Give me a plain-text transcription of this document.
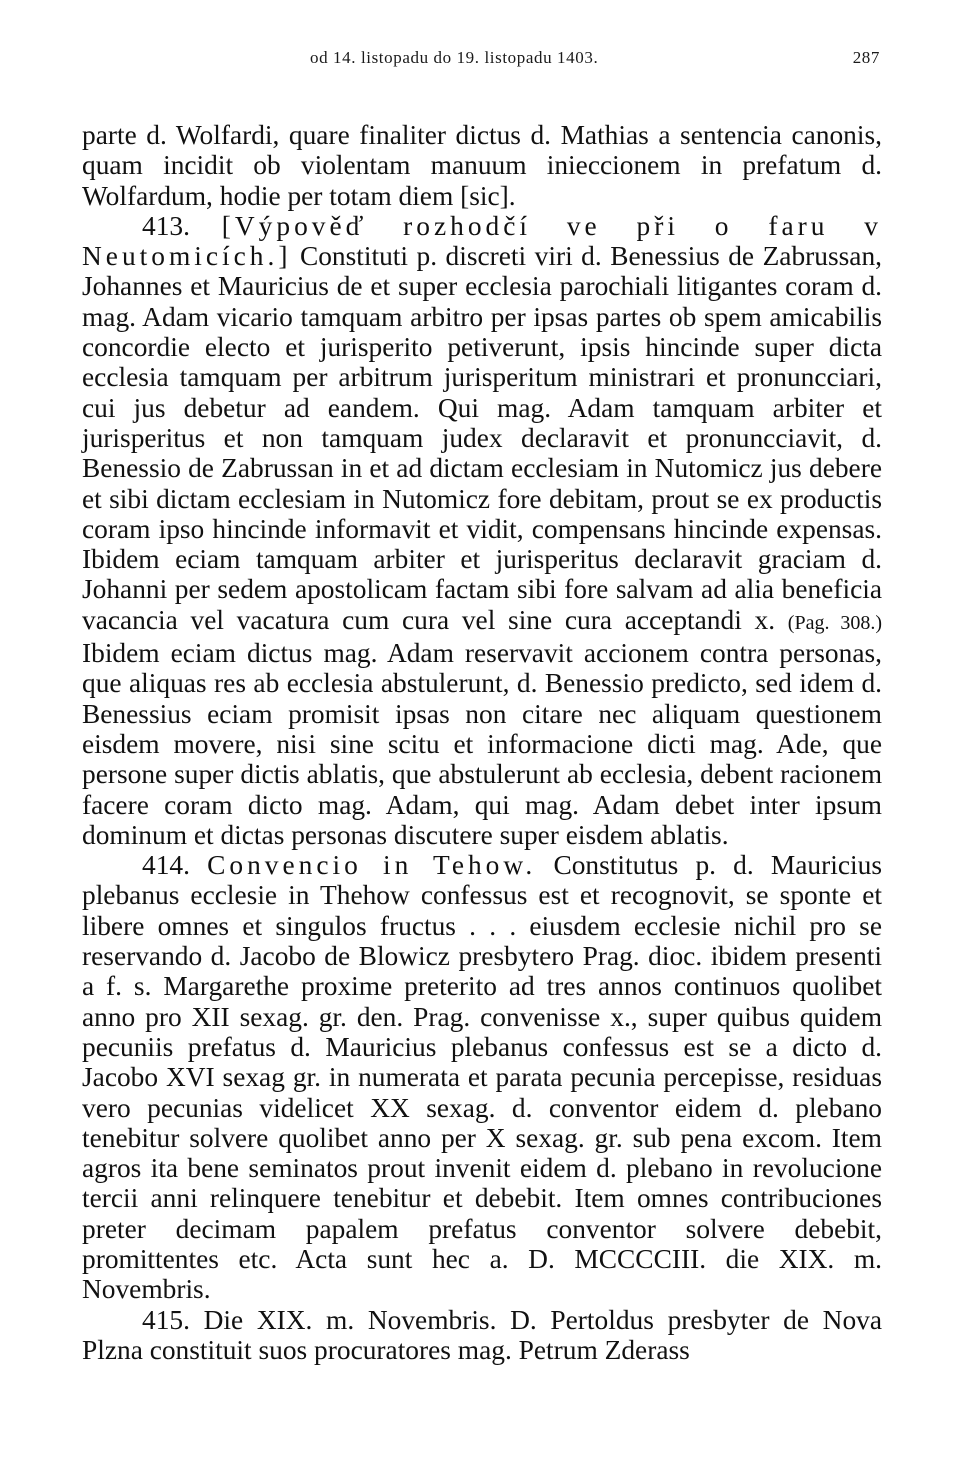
od 14. listopadu do 19. listopadu 1403.	287

parte d. Wolfardi, quare finaliter dictus d. Mathias a sentencia canonis, quam incidit ob violentam manuum inieccionem in prefatum d. Wolfardum, hodie per totam diem [sic].

413. [Výpověď rozhodčí ve při o faru v Neutomicích.] Constituti p. discreti viri d. Benessius de Zabrussan, Johannes et Mauricius de et super ecclesia parochiali litigantes coram d. mag. Adam vicario tamquam arbitro per ipsas partes ob spem amicabilis concordie electo et jurisperito petiverunt, ipsis hincinde super dicta ecclesia tamquam per arbitrum jurisperitum ministrari et pronuncciari, cui jus debetur ad eandem. Qui mag. Adam tamquam arbiter et jurisperitus et non tamquam judex declaravit et pronuncciavit, d. Benessio de Zabrussan in et ad dictam ecclesiam in Nutomicz jus debere et sibi dictam ecclesiam in Nutomicz fore debitam, prout se ex productis coram ipso hincinde informavit et vidit, compensans hincinde expensas. Ibidem eciam tamquam arbiter et jurisperitus declaravit graciam d. Johanni per sedem apostolicam factam sibi fore salvam ad alia beneficia vacancia vel vacatura cum cura vel sine cura acceptandi x. (Pag. 308.) Ibidem eciam dictus mag. Adam reservavit accionem contra personas, que aliquas res ab ecclesia abstulerunt, d. Benessio predicto, sed idem d. Benessius eciam promisit ipsas non citare nec aliquam questionem eisdem movere, nisi sine scitu et informacione dicti mag. Ade, que persone super dictis ablatis, que abstulerunt ab ecclesia, debent racionem facere coram dicto mag. Adam, qui mag. Adam debet inter ipsum dominum et dictas personas discutere super eisdem ablatis.

414. Convencio in Tehow. Constitutus p. d. Mauricius plebanus ecclesie in Thehow confessus est et recognovit, se sponte et libere omnes et singulos fructus . . . eiusdem ecclesie nichil pro se reservando d. Jacobo de Blowicz presbytero Prag. dioc. ibidem presenti a f. s. Margarethe proxime preterito ad tres annos continuos quolibet anno pro XII sexag. gr. den. Prag. convenisse x., super quibus quidem pecuniis prefatus d. Mauricius plebanus confessus est se a dicto d. Jacobo XVI sexag gr. in numerata et parata pecunia percepisse, residuas vero pecunias videlicet XX sexag. d. conventor eidem d. plebano tenebitur solvere quolibet anno per X sexag. gr. sub pena excom. Item agros ita bene seminatos prout invenit eidem d. plebano in revolucione tercii anni relinquere tenebitur et debebit. Item omnes contribuciones preter decimam papalem prefatus conventor solvere debebit, promittentes etc. Acta sunt hec a. D. MCCCCIII. die XIX. m. Novembris.

415. Die XIX. m. Novembris. D. Pertoldus presbyter de Nova Plzna constituit suos procuratores mag. Petrum Zderass
